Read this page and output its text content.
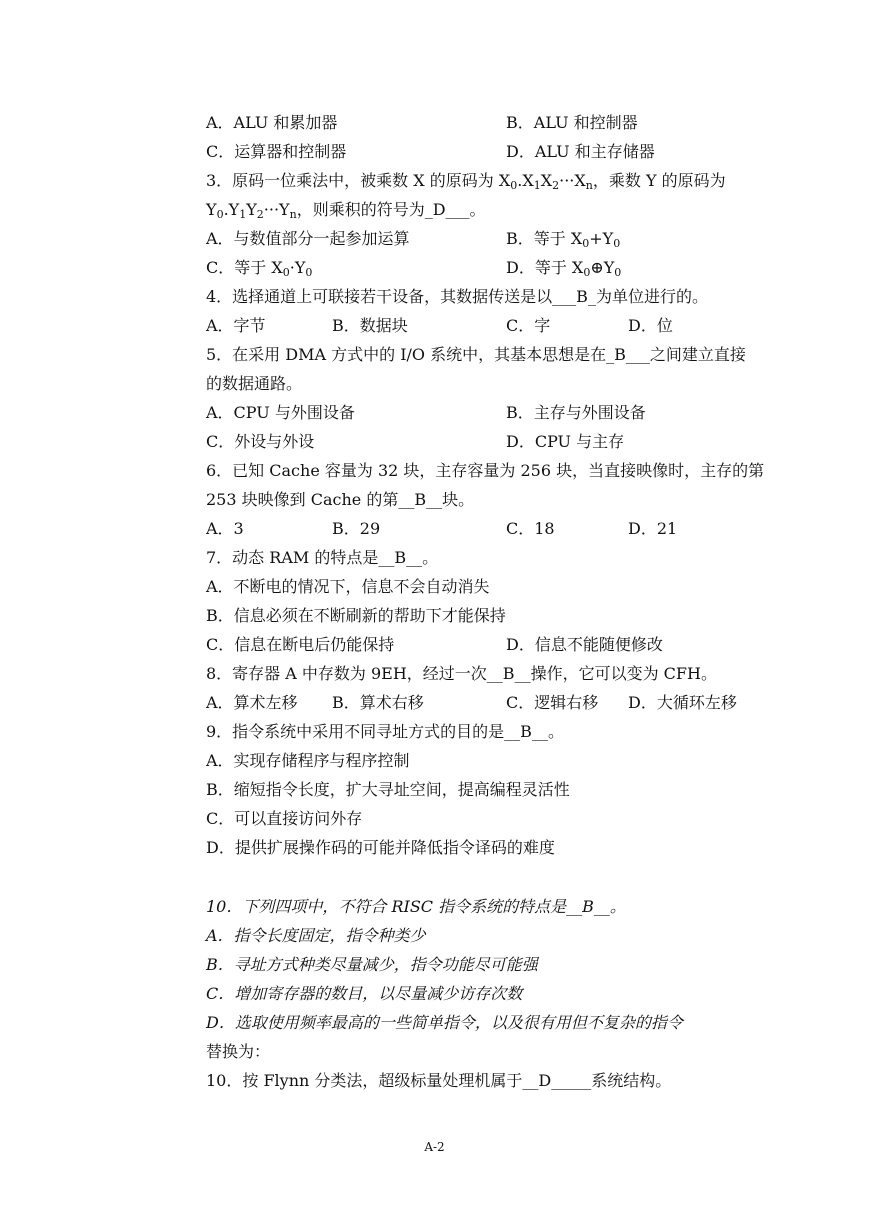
A．ALU 和累加器	B．ALU 和控制器
C．运算器和控制器	D．ALU 和主存储器
3．原码一位乘法中，被乘数 X 的原码为 $X_0.X_1X_2\cdot\cdot\cdot X_n$，乘数 Y 的原码为
$Y_0.Y_1Y_2\cdot\cdot\cdot Y_n$，则乘积的符号为_D___。
A．与数值部分一起参加运算	B．等于 $X_0+Y_0$
C．等于 $X_0\cdot Y_0$	D．等于 $X_0\oplus Y_0$
4．选择通道上可联接若干设备，其数据传送是以___B_为单位进行的。
A．字节	B．数据块	C．字	D．位
5．在采用 DMA 方式中的 I/O 系统中，其基本思想是在_B___之间建立直接
的数据通路。
A．CPU 与外围设备	B．主存与外围设备
C．外设与外设	D．CPU 与主存
6．已知 Cache 容量为 32 块，主存容量为 256 块，当直接映像时，主存的第
253 块映像到 Cache 的第__B__块。
A．3	B．29	C．18	D．21
7．动态 RAM 的特点是__B__。
A．不断电的情况下，信息不会自动消失
B．信息必须在不断刷新的帮助下才能保持
C．信息在断电后仍能保持	D．信息不能随便修改
8．寄存器 A 中存数为 9EH，经过一次__B__操作，它可以变为 CFH。
A．算术左移 B．算术右移	C．逻辑右移 D．大循环左移
9．指令系统中采用不同寻址方式的目的是__B__。
A．实现存储程序与程序控制
B．缩短指令长度，扩大寻址空间，提高编程灵活性
C．可以直接访问外存
D．提供扩展操作码的可能并降低指令译码的难度
10．下列四项中，不符合 RISC 指令系统的特点是__B__。
A．指令长度固定，指令种类少
B．寻址方式种类尽量减少，指令功能尽可能强
C．增加寄存器的数目，以尽量减少访存次数
D．选取使用频率最高的一些简单指令，以及很有用但不复杂的指令
替换为：
10．按 Flynn 分类法，超级标量处理机属于__D_____系统结构。
A-2
